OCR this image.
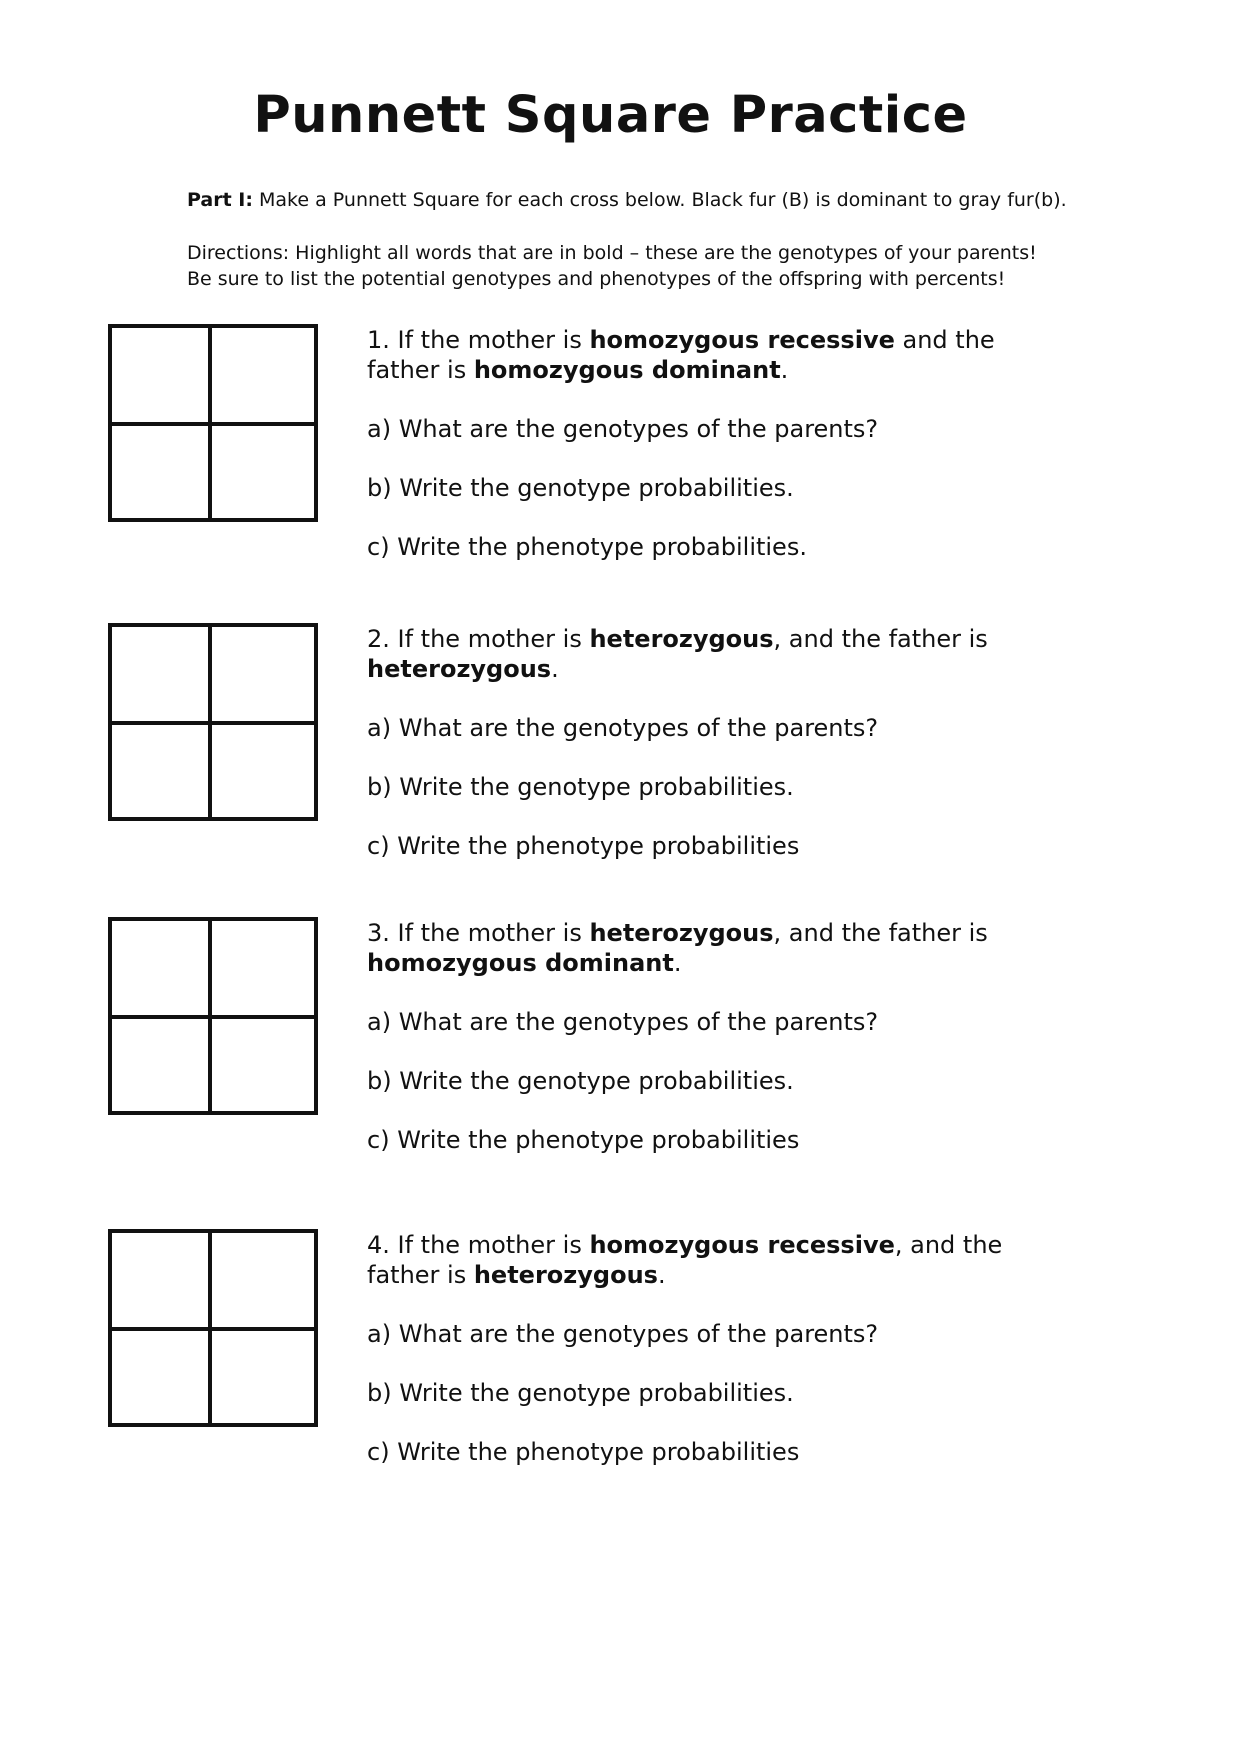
Punnett Square Practice

Part I: Make a Punnett Square for each cross below. Black fur (B) is dominant to gray fur(b).

Directions: Highlight all words that are in bold – these are the genotypes of your parents!
Be sure to list the potential genotypes and phenotypes of the offspring with percents!

1. If the mother is homozygous recessive and the father is homozygous dominant.

a) What are the genotypes of the parents?

b) Write the genotype probabilities.

c) Write the phenotype probabilities.

2. If the mother is heterozygous, and the father is heterozygous.

a) What are the genotypes of the parents?

b) Write the genotype probabilities.

c) Write the phenotype probabilities

3. If the mother is heterozygous, and the father is homozygous dominant.

a) What are the genotypes of the parents?

b) Write the genotype probabilities.

c) Write the phenotype probabilities

4. If the mother is homozygous recessive, and the father is heterozygous.

a) What are the genotypes of the parents?

b) Write the genotype probabilities.

c) Write the phenotype probabilities
